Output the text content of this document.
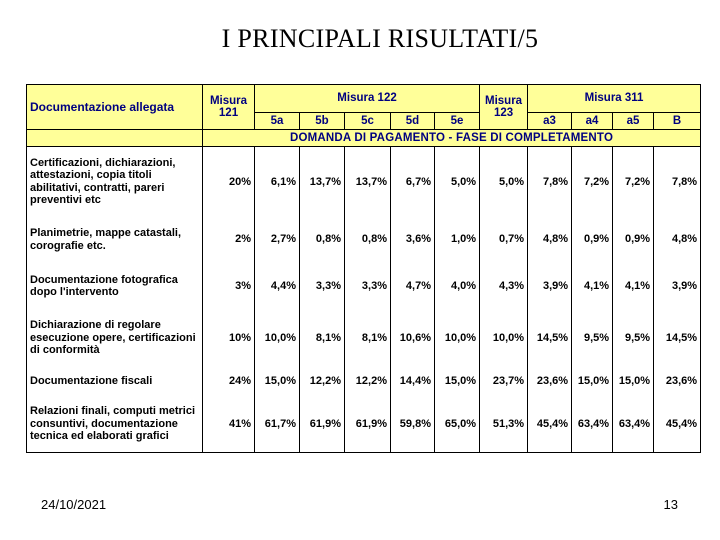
I PRINCIPALI RISULTATI/5
Documentazione allegata	Misura 121	Misura 122					Misura 123	Misura 311			
		5a	5b	5c	5d	5e		a3	a4	a5	B
	DOMANDA DI PAGAMENTO - FASE DI COMPLETAMENTO										
Certificazioni, dichiarazioni, attestazioni, copia titoli abilitativi, contratti, pareri preventivi etc	20%	6,1%	13,7%	13,7%	6,7%	5,0%	5,0%	7,8%	7,2%	7,2%	7,8%
Planimetrie, mappe catastali, corografie etc.	2%	2,7%	0,8%	0,8%	3,6%	1,0%	0,7%	4,8%	0,9%	0,9%	4,8%
Documentazione fotografica dopo l'intervento	3%	4,4%	3,3%	3,3%	4,7%	4,0%	4,3%	3,9%	4,1%	4,1%	3,9%
Dichiarazione di regolare esecuzione opere, certificazioni di conformità	10%	10,0%	8,1%	8,1%	10,6%	10,0%	10,0%	14,5%	9,5%	9,5%	14,5%
Documentazione fiscali	24%	15,0%	12,2%	12,2%	14,4%	15,0%	23,7%	23,6%	15,0%	15,0%	23,6%
Relazioni finali, computi metrici consuntivi, documentazione tecnica ed elaborati grafici	41%	61,7%	61,9%	61,9%	59,8%	65,0%	51,3%	45,4%	63,4%	63,4%	45,4%
24/10/2021	13
